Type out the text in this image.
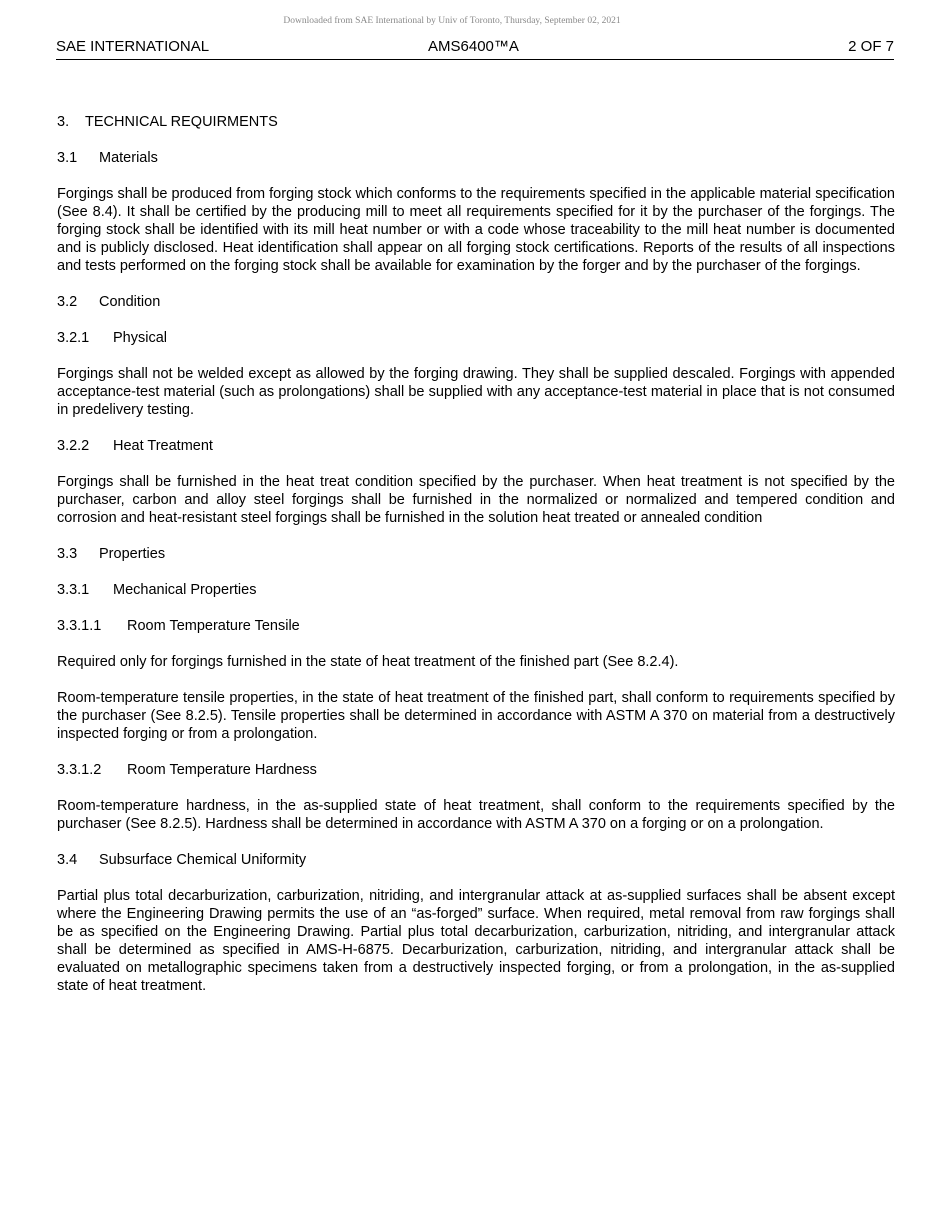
Downloaded from SAE International by Univ of Toronto, Thursday, September 02, 2021
SAE INTERNATIONAL	AMS6400™A	2 OF 7
3. TECHNICAL REQUIRMENTS
3.1 Materials

Forgings shall be produced from forging stock which conforms to the requirements specified in the applicable material specification (See 8.4). It shall be certified by the producing mill to meet all requirements specified for it by the purchaser of the forgings. The forging stock shall be identified with its mill heat number or with a code whose traceability to the mill heat number is documented and is publicly disclosed. Heat identification shall appear on all forging stock certifications. Reports of the results of all inspections and tests performed on the forging stock shall be available for examination by the forger and by the purchaser of the forgings.

3.2 Condition
3.2.1 Physical

Forgings shall not be welded except as allowed by the forging drawing. They shall be supplied descaled. Forgings with appended acceptance-test material (such as prolongations) shall be supplied with any acceptance-test material in place that is not consumed in predelivery testing.

3.2.2 Heat Treatment

Forgings shall be furnished in the heat treat condition specified by the purchaser. When heat treatment is not specified by the purchaser, carbon and alloy steel forgings shall be furnished in the normalized or normalized and tempered condition and corrosion and heat-resistant steel forgings shall be furnished in the solution heat treated or annealed condition

3.3 Properties
3.3.1 Mechanical Properties
3.3.1.1 Room Temperature Tensile

Required only for forgings furnished in the state of heat treatment of the finished part (See 8.2.4).

Room-temperature tensile properties, in the state of heat treatment of the finished part, shall conform to requirements specified by the purchaser (See 8.2.5). Tensile properties shall be determined in accordance with ASTM A 370 on material from a destructively inspected forging or from a prolongation.

3.3.1.2 Room Temperature Hardness

Room-temperature hardness, in the as-supplied state of heat treatment, shall conform to the requirements specified by the purchaser (See 8.2.5). Hardness shall be determined in accordance with ASTM A 370 on a forging or on a prolongation.

3.4 Subsurface Chemical Uniformity

Partial plus total decarburization, carburization, nitriding, and intergranular attack at as-supplied surfaces shall be absent except where the Engineering Drawing permits the use of an “as-forged” surface. When required, metal removal from raw forgings shall be as specified on the Engineering Drawing. Partial plus total decarburization, carburization, nitriding, and intergranular attack shall be determined as specified in AMS-H-6875. Decarburization, carburization, nitriding, and intergranular attack shall be evaluated on metallographic specimens taken from a destructively inspected forging, or from a prolongation, in the as-supplied state of heat treatment.
